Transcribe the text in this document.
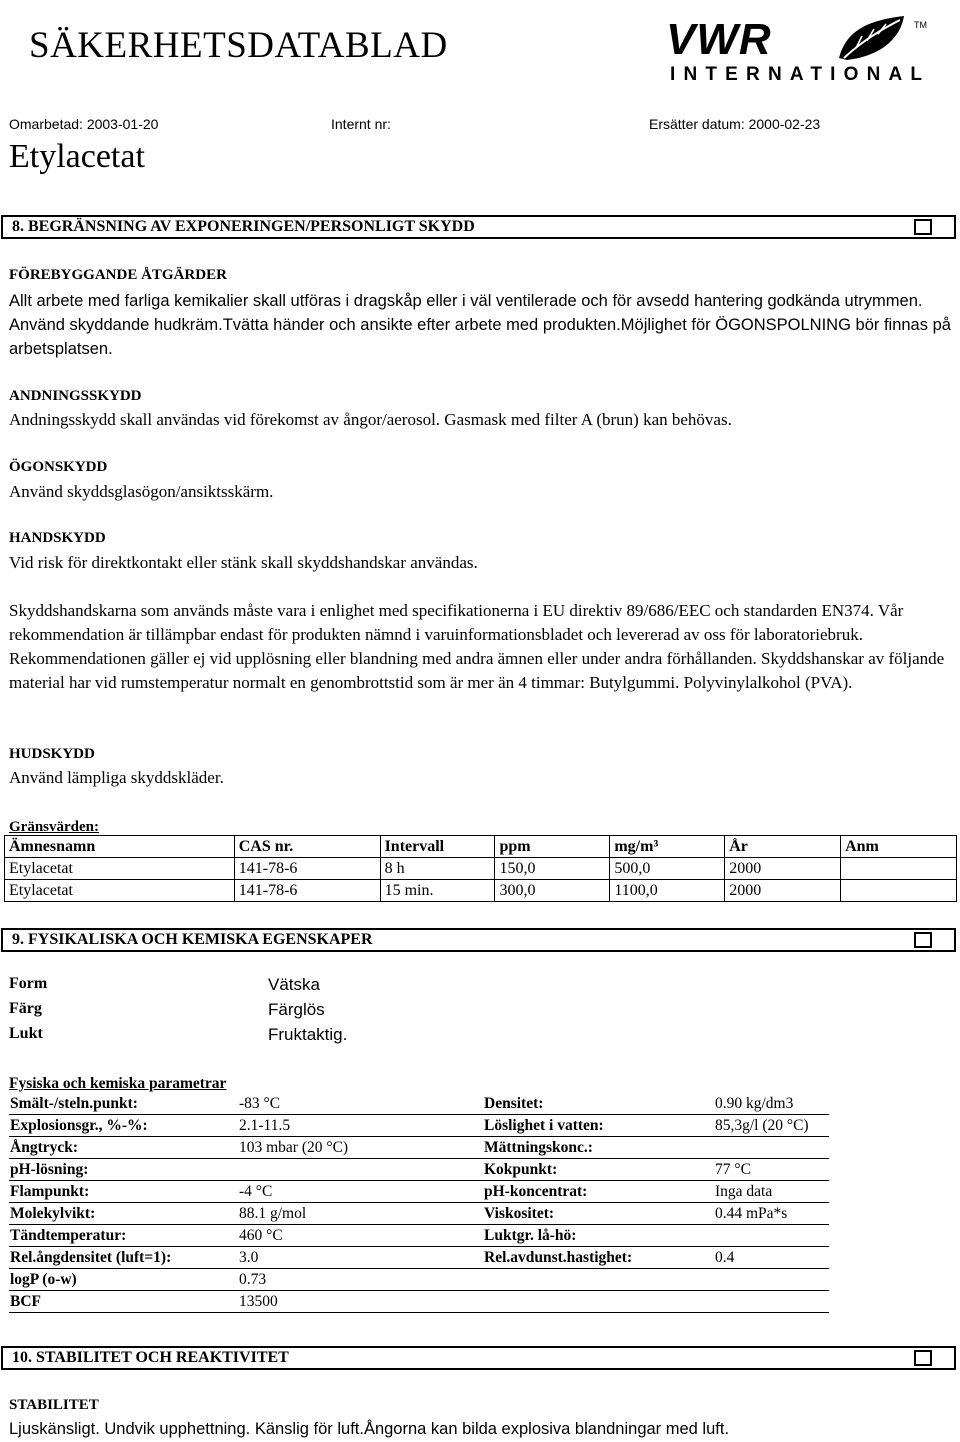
SÄKERHETSDATABLAD	VWR	TM
INTERNATIONAL
Omarbetad: 2003-01-20	Internt nr:	Ersätter datum: 2000-02-23
Etylacetat
8. BEGRÄNSNING AV EXPONERINGEN/PERSONLIGT SKYDD
FÖREBYGGANDE ÅTGÄRDER
Allt arbete med farliga kemikalier skall utföras i dragskåp eller i väl ventilerade och för avsedd hantering godkända utrymmen. Använd skyddande hudkräm.Tvätta händer och ansikte efter arbete med produkten.Möjlighet för ÖGONSPOLNING bör finnas på arbetsplatsen.
ANDNINGSSKYDD
Andningsskydd skall användas vid förekomst av ångor/aerosol. Gasmask med filter A (brun) kan behövas.
ÖGONSKYDD
Använd skyddsglasögon/ansiktsskärm.
HANDSKYDD
Vid risk för direktkontakt eller stänk skall skyddshandskar användas.
Skyddshandskarna som används måste vara i enlighet med specifikationerna i EU direktiv 89/686/EEC och standarden EN374. Vår rekommendation är tillämpbar endast för produkten nämnd i varuinformationsbladet och levererad av oss för laboratoriebruk. Rekommendationen gäller ej vid upplösning eller blandning med andra ämnen eller under andra förhållanden. Skyddshanskar av följande material har vid rumstemperatur normalt en genombrottstid som är mer än 4 timmar: Butylgummi. Polyvinylalkohol (PVA).
HUDSKYDD
Använd lämpliga skyddskläder.
Gränsvärden:
Ämnesnamn	CAS nr.	Intervall	ppm	mg/m³	År	Anm
Etylacetat	141-78-6	8 h	150,0	500,0	2000	
Etylacetat	141-78-6	15 min.	300,0	1100,0	2000	
9. FYSIKALISKA OCH KEMISKA EGENSKAPER
Form	Vätska
Färg	Färglös
Lukt	Fruktaktig.
Fysiska och kemiska parametrar
Smält-/steln.punkt:	-83 °C	Densitet:	0.90 kg/dm3
Explosionsgr., %-%:	2.1-11.5	Löslighet i vatten:	85,3g/l (20 °C)
Ångtryck:	103 mbar (20 °C)	Mättningskonc.:	
pH-lösning:		Kokpunkt:	77 °C
Flampunkt:	-4 °C	pH-koncentrat:	Inga data
Molekylvikt:	88.1 g/mol	Viskositet:	0.44 mPa*s
Tändtemperatur:	460 °C	Luktgr. lå-hö:	
Rel.ångdensitet (luft=1):	3.0	Rel.avdunst.hastighet:	0.4
logP (o-w)	0.73		
BCF	13500		
10. STABILITET OCH REAKTIVITET
STABILITET
Ljuskänsligt. Undvik upphettning. Känslig för luft.Ångorna kan bilda explosiva blandningar med luft.
